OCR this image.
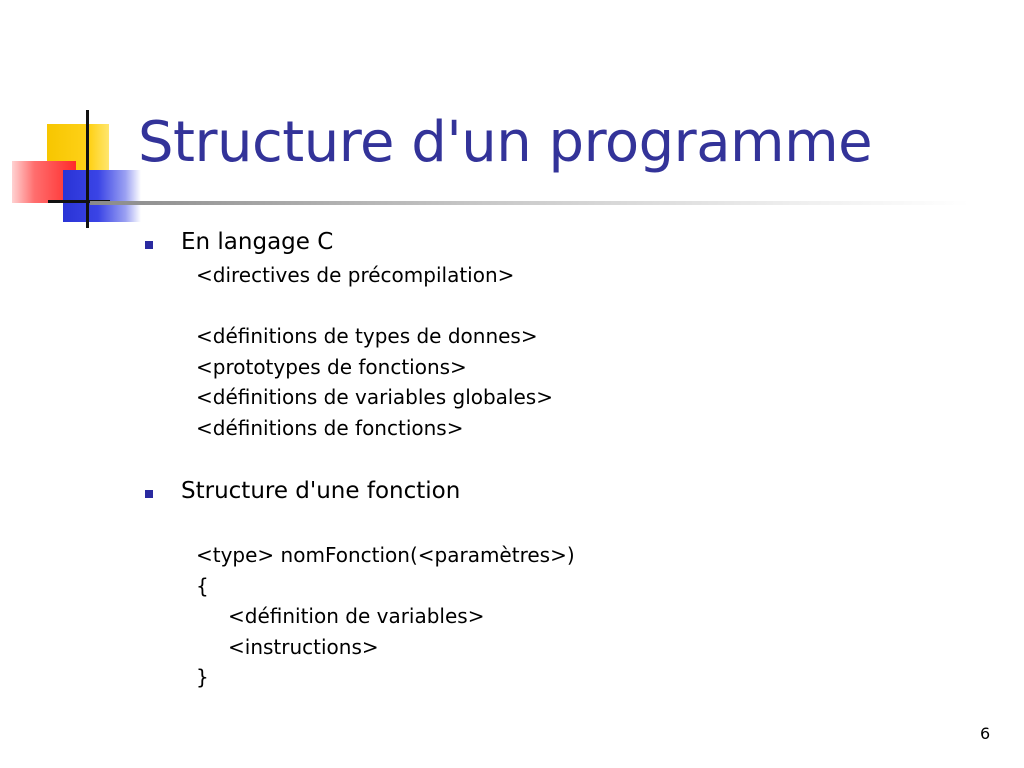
Structure d'un programme
En langage C
<directives de précompilation>
<définitions de types de donnes>
<prototypes de fonctions>
<définitions de variables globales>
<définitions de fonctions>
Structure d'une fonction
<type> nomFonction(<paramètres>)
{
<définition de variables>
<instructions>
}
6
